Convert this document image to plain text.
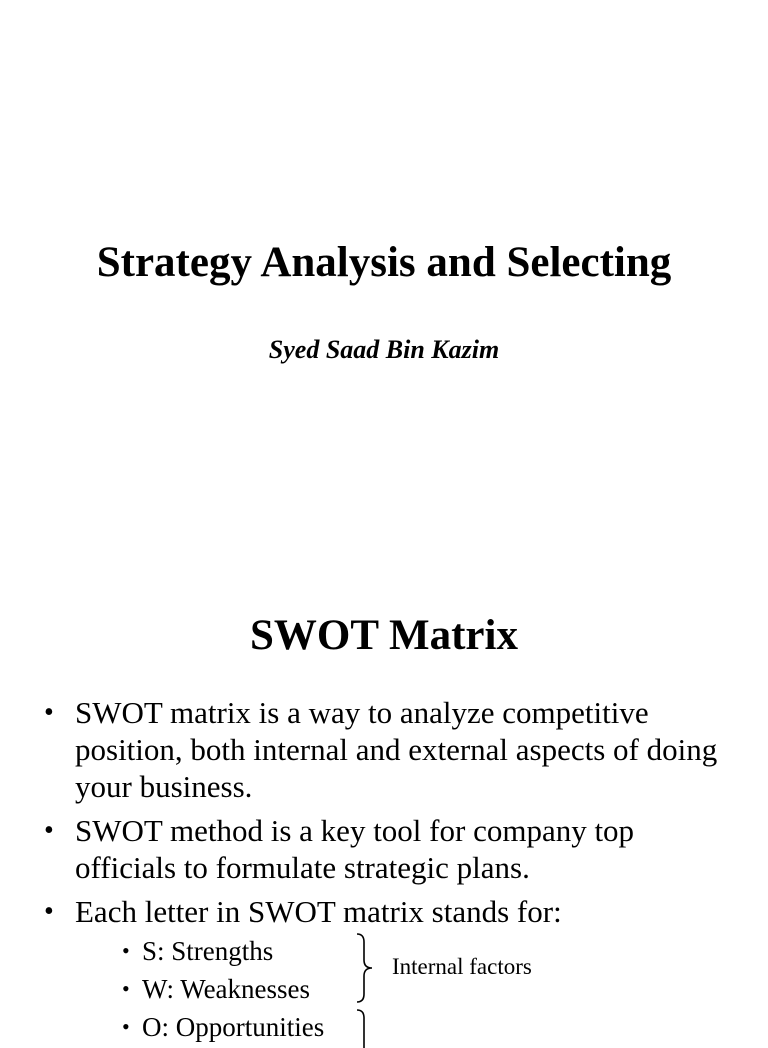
Strategy Analysis and Selecting

Syed Saad Bin Kazim

SWOT Matrix
• SWOT matrix is a way to analyze competitive position, both internal and external aspects of doing your business.
• SWOT method is a key tool for company top officials to formulate strategic plans.
• Each letter in SWOT matrix stands for:
• S: Strengths
• W: Weaknesses
• O: Opportunities
Internal factors
